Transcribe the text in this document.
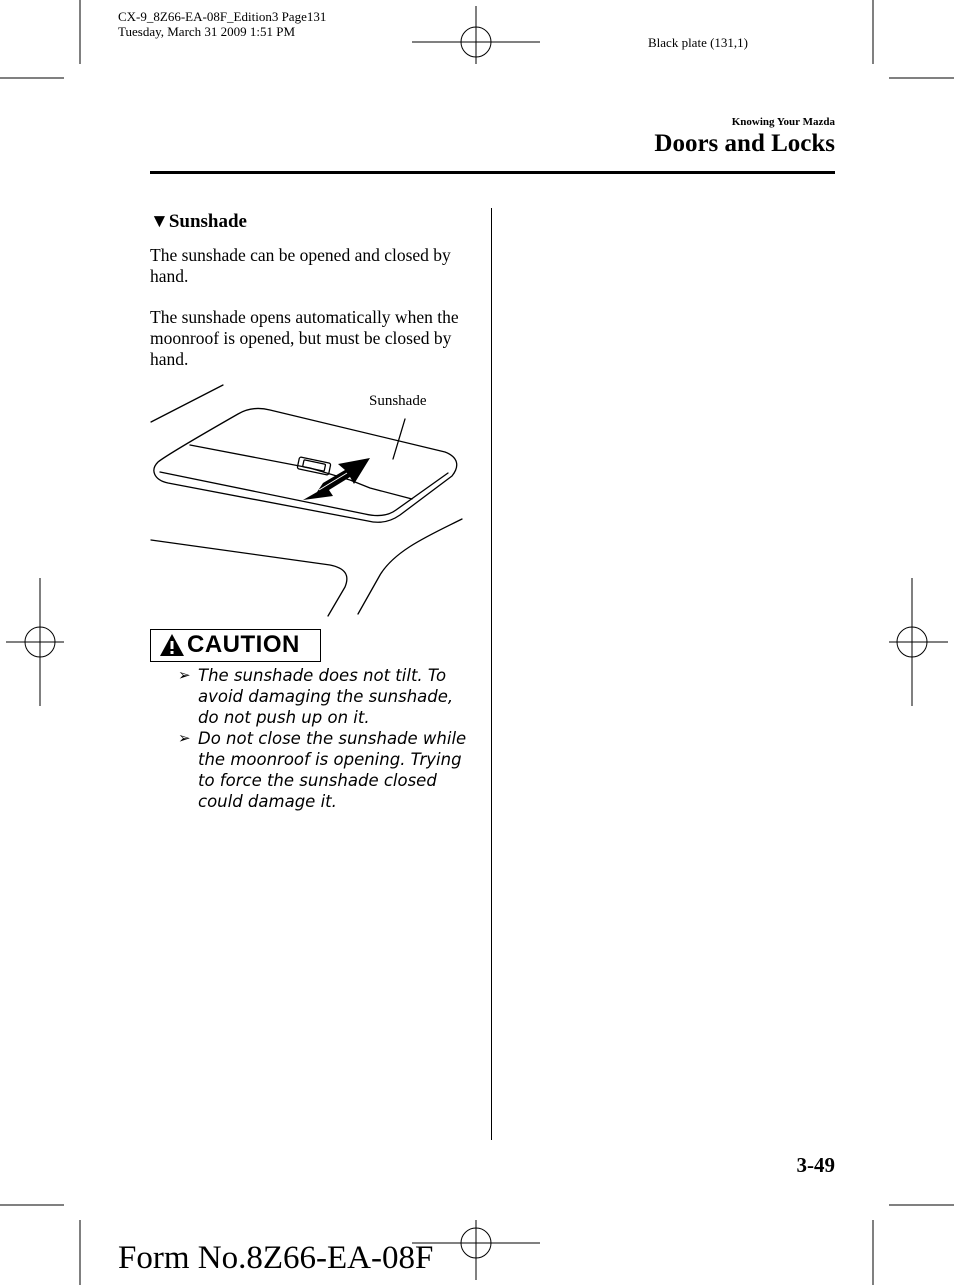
CX-9_8Z66-EA-08F_Edition3 Page131
Tuesday, March 31 2009 1:51 PM
Black plate (131,1)
Knowing Your Mazda
Doors and Locks
▼Sunshade
The sunshade can be opened and closed by hand.
The sunshade opens automatically when the moonroof is opened, but must be closed by hand.
Sunshade
CAUTION
➢ The sunshade does not tilt. To avoid damaging the sunshade, do not push up on it.
➢ Do not close the sunshade while the moonroof is opening. Trying to force the sunshade closed could damage it.
3-49
Form No.8Z66-EA-08F
